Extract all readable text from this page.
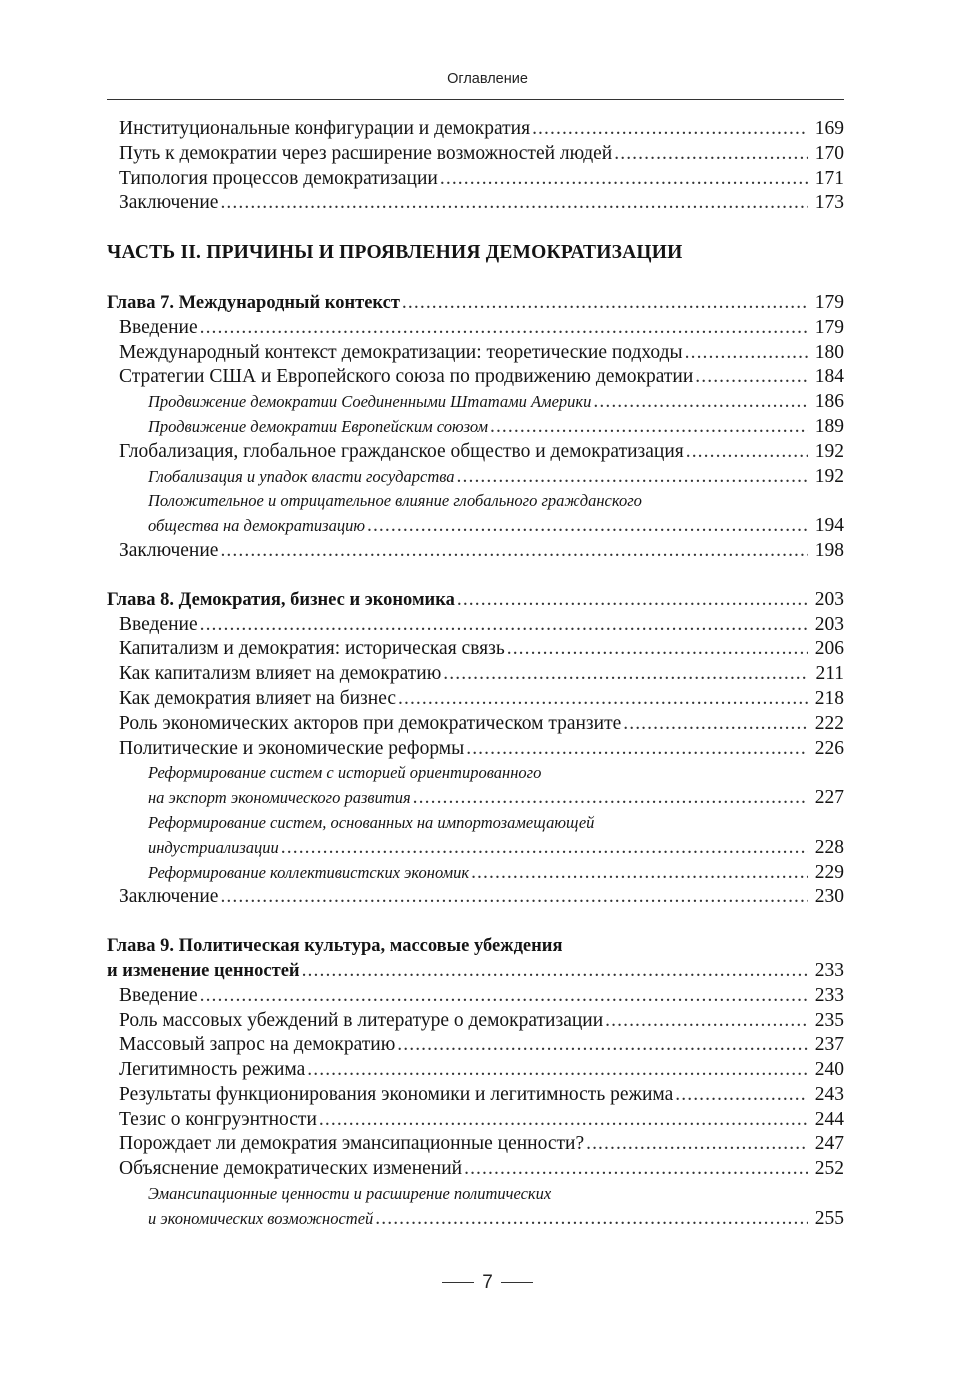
Оглавление
Институциональные конфигурации и демократия .....	169
Путь к демократии через расширение возможностей людей .....	170
Типология процессов демократизации .....	171
Заключение .....	173
ЧАСТЬ II. ПРИЧИНЫ И ПРОЯВЛЕНИЯ ДЕМОКРАТИЗАЦИИ
Глава 7. Международный контекст .....	179
Введение .....	179
Международный контекст демократизации: теоретические подходы .....	180
Стратегии США и Европейского союза по продвижению демократии .....	184
Продвижение демократии Соединенными Штатами Америки .....	186
Продвижение демократии Европейским союзом .....	189
Глобализация, глобальное гражданское общество и демократизация .....	192
Глобализация и упадок власти государства .....	192
Положительное и отрицательное влияние глобального гражданского
общества на демократизацию .....	194
Заключение .....	198
Глава 8. Демократия, бизнес и экономика .....	203
Введение .....	203
Капитализм и демократия: историческая связь .....	206
Как капитализм влияет на демократию .....	211
Как демократия влияет на бизнес .....	218
Роль экономических акторов при демократическом транзите .....	222
Политические и экономические реформы .....	226
Реформирование систем с историей ориентированного
на экспорт экономического развития .....	227
Реформирование систем, основанных на импортозамещающей
индустриализации .....	228
Реформирование коллективистских экономик .....	229
Заключение .....	230
Глава 9. Политическая культура, массовые убеждения
и изменение ценностей .....	233
Введение .....	233
Роль массовых убеждений в литературе о демократизации .....	235
Массовый запрос на демократию .....	237
Легитимность режима .....	240
Результаты функционирования экономики и легитимность режима .....	243
Тезис о конгруэнтности .....	244
Порождает ли демократия эмансипационные ценности? .....	247
Объяснение демократических изменений .....	252
Эмансипационные ценности и расширение политических
и экономических возможностей .....	255
7
